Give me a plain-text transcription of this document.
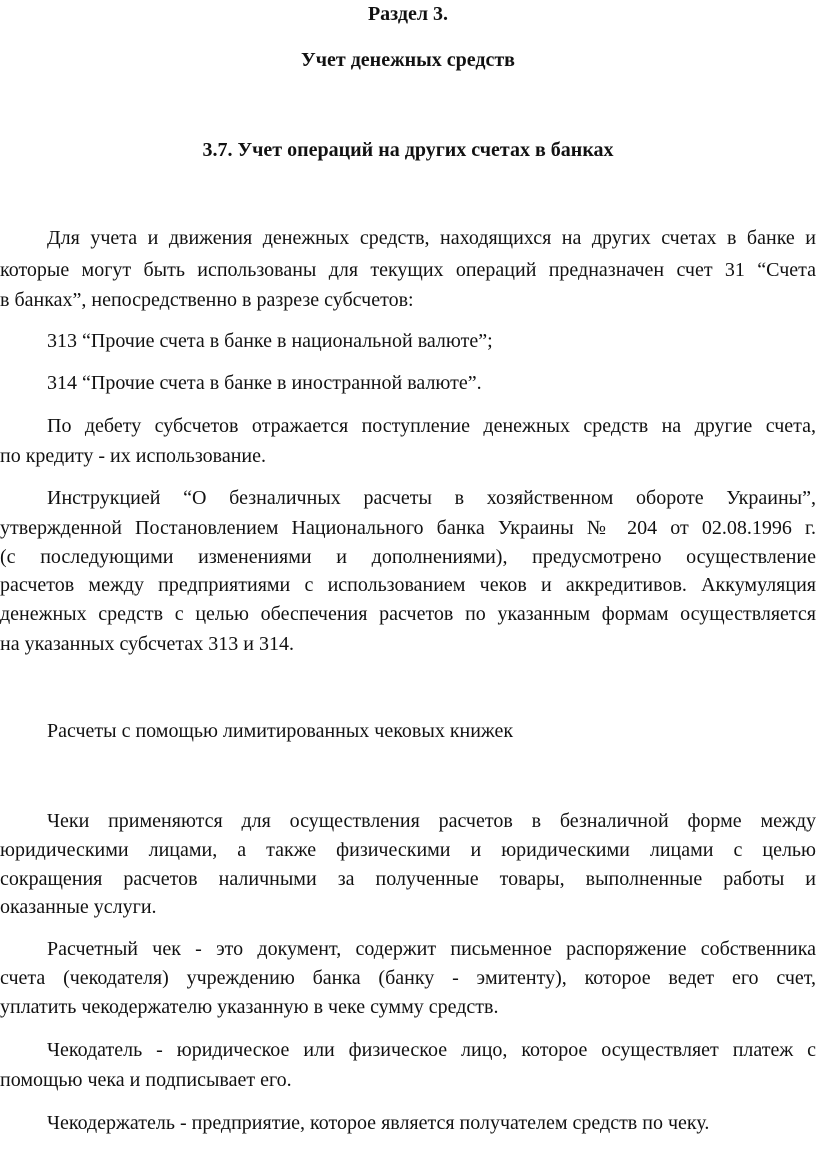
Раздел 3.
Учет денежных средств
3.7. Учет операций на других счетах в банках
Для учета и движения денежных средств, находящихся на других счетах в банке и
которые могут быть использованы для текущих операций предназначен счет 31 “Счета
в банках”, непосредственно в разрезе субсчетов:
313 “Прочие счета в банке в национальной валюте”;
314 “Прочие счета в банке в иностранной валюте”.
По дебету субсчетов отражается поступление денежных средств на другие счета,
по кредиту - их использование.
Инструкцией “О безналичных расчеты в хозяйственном обороте Украины”,
утвержденной Постановлением Национального банка Украины № 204 от 02.08.1996 г.
(с последующими изменениями и дополнениями), предусмотрено осуществление
расчетов между предприятиями с использованием чеков и аккредитивов. Аккумуляция
денежных средств с целью обеспечения расчетов по указанным формам осуществляется
на указанных субсчетах 313 и 314.
Расчеты с помощью лимитированных чековых книжек
Чеки применяются для осуществления расчетов в безналичной форме между
юридическими лицами, а также физическими и юридическими лицами с целью
сокращения расчетов наличными за полученные товары, выполненные работы и
оказанные услуги.
Расчетный чек - это документ, содержит письменное распоряжение собственника
счета (чекодателя) учреждению банка (банку - эмитенту), которое ведет его счет,
уплатить чекодержателю указанную в чеке сумму средств.
Чекодатель - юридическое или физическое лицо, которое осуществляет платеж с
помощью чека и подписывает его.
Чекодержатель - предприятие, которое является получателем средств по чеку.
